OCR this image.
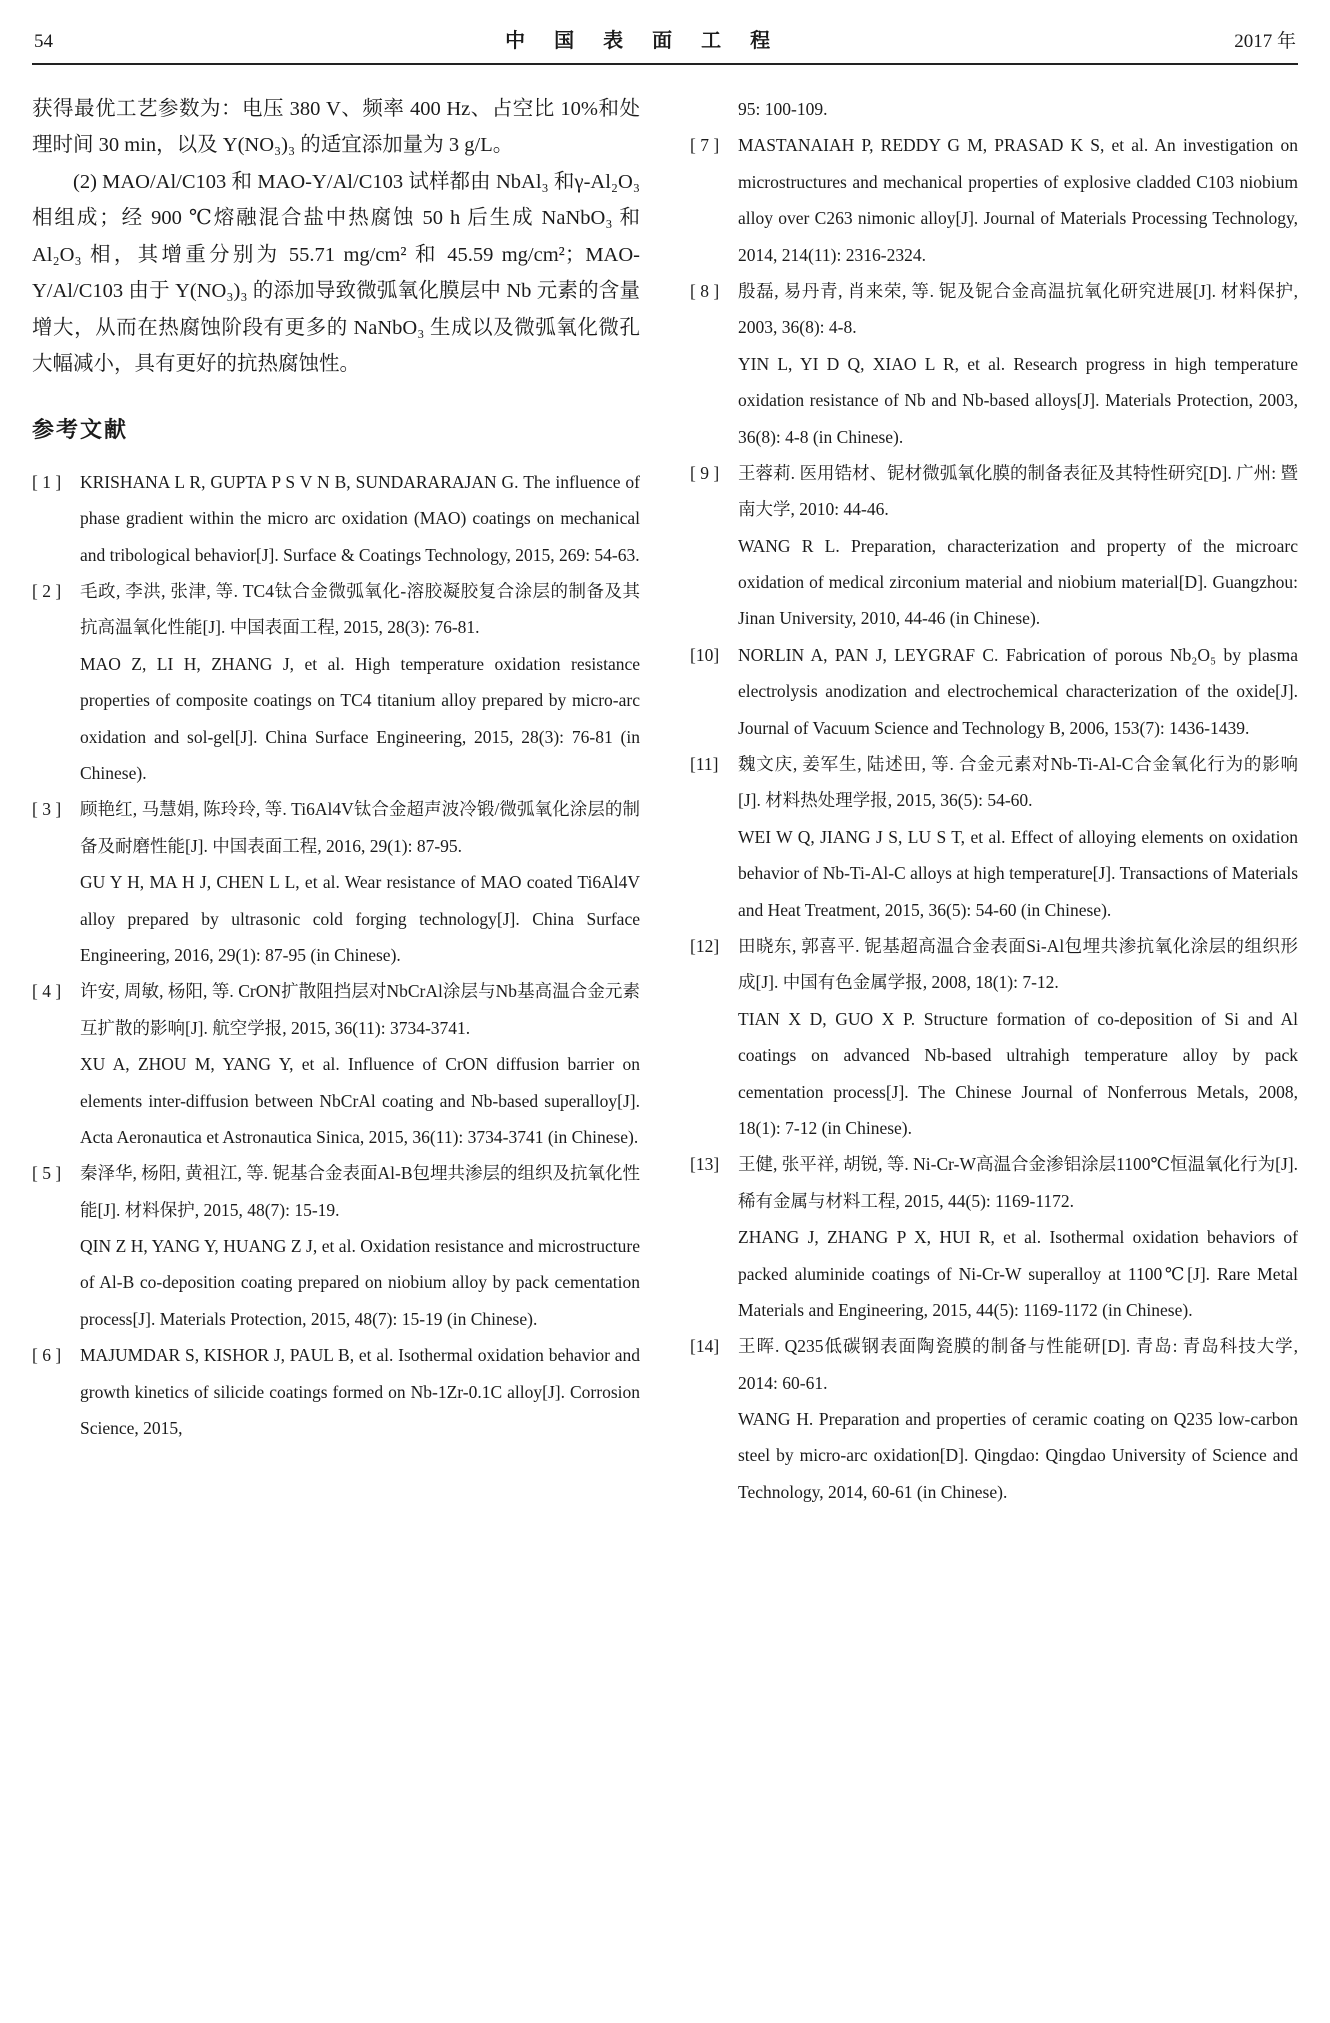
54	中 国 表 面 工 程	2017 年

获得最优工艺参数为：电压 380 V、频率 400 Hz、占空比 10%和处理时间 30 min，以及 Y(NO₃)₃ 的适宜添加量为 3 g/L。

(2) MAO/Al/C103 和 MAO-Y/Al/C103 试样都由 NbAl₃ 和γ-Al₂O₃ 相组成；经 900 ℃熔融混合盐中热腐蚀 50 h 后生成 NaNbO₃ 和 Al₂O₃ 相，其增重分别为 55.71 mg/cm² 和 45.59 mg/cm²；MAO-Y/Al/C103 由于 Y(NO₃)₃ 的添加导致微弧氧化膜层中 Nb 元素的含量增大，从而在热腐蚀阶段有更多的 NaNbO₃ 生成以及微弧氧化微孔大幅减小，具有更好的抗热腐蚀性。

参考文献
[ 1 ]	KRISHANA L R, GUPTA P S V N B, SUNDARARAJAN G. The influence of phase gradient within the micro arc oxidation (MAO) coatings on mechanical and tribological behavior[J]. Surface & Coatings Technology, 2015, 269: 54-63.
[ 2 ]	毛政, 李洪, 张津, 等. TC4钛合金微弧氧化-溶胶凝胶复合涂层的制备及其抗高温氧化性能[J]. 中国表面工程, 2015, 28(3): 76-81.
MAO Z, LI H, ZHANG J, et al. High temperature oxidation resistance properties of composite coatings on TC4 titanium alloy prepared by micro-arc oxidation and sol-gel[J]. China Surface Engineering, 2015, 28(3): 76-81 (in Chinese).
[ 3 ]	顾艳红, 马慧娟, 陈玲玲, 等. Ti6Al4V钛合金超声波冷锻/微弧氧化涂层的制备及耐磨性能[J]. 中国表面工程, 2016, 29(1): 87-95.
GU Y H, MA H J, CHEN L L, et al. Wear resistance of MAO coated Ti6Al4V alloy prepared by ultrasonic cold forging technology[J]. China Surface Engineering, 2016, 29(1): 87-95 (in Chinese).
[ 4 ]	许安, 周敏, 杨阳, 等. CrON扩散阻挡层对NbCrAl涂层与Nb基高温合金元素互扩散的影响[J]. 航空学报, 2015, 36(11): 3734-3741.
XU A, ZHOU M, YANG Y, et al. Influence of CrON diffusion barrier on elements inter-diffusion between NbCrAl coating and Nb-based superalloy[J]. Acta Aeronautica et Astronautica Sinica, 2015, 36(11): 3734-3741 (in Chinese).
[ 5 ]	秦泽华, 杨阳, 黄祖江, 等. 铌基合金表面Al-B包埋共渗层的组织及抗氧化性能[J]. 材料保护, 2015, 48(7): 15-19.
QIN Z H, YANG Y, HUANG Z J, et al. Oxidation resistance and microstructure of Al-B co-deposition coating prepared on niobium alloy by pack cementation process[J]. Materials Protection, 2015, 48(7): 15-19 (in Chinese).
[ 6 ]	MAJUMDAR S, KISHOR J, PAUL B, et al. Isothermal oxidation behavior and growth kinetics of silicide coatings formed on Nb-1Zr-0.1C alloy[J]. Corrosion Science, 2015,
95: 100-109.
[ 7 ]	MASTANAIAH P, REDDY G M, PRASAD K S, et al. An investigation on microstructures and mechanical properties of explosive cladded C103 niobium alloy over C263 nimonic alloy[J]. Journal of Materials Processing Technology, 2014, 214(11): 2316-2324.
[ 8 ]	殷磊, 易丹青, 肖来荣, 等. 铌及铌合金高温抗氧化研究进展[J]. 材料保护, 2003, 36(8): 4-8.
YIN L, YI D Q, XIAO L R, et al. Research progress in high temperature oxidation resistance of Nb and Nb-based alloys[J]. Materials Protection, 2003, 36(8): 4-8 (in Chinese).
[ 9 ]	王蓉莉. 医用锆材、铌材微弧氧化膜的制备表征及其特性研究[D]. 广州: 暨南大学, 2010: 44-46.
WANG R L. Preparation, characterization and property of the microarc oxidation of medical zirconium material and niobium material[D]. Guangzhou: Jinan University, 2010, 44-46 (in Chinese).
[10]	NORLIN A, PAN J, LEYGRAF C. Fabrication of porous Nb₂O₅ by plasma electrolysis anodization and electrochemical characterization of the oxide[J]. Journal of Vacuum Science and Technology B, 2006, 153(7): 1436-1439.
[11]	魏文庆, 姜军生, 陆述田, 等. 合金元素对Nb-Ti-Al-C合金氧化行为的影响[J]. 材料热处理学报, 2015, 36(5): 54-60.
WEI W Q, JIANG J S, LU S T, et al. Effect of alloying elements on oxidation behavior of Nb-Ti-Al-C alloys at high temperature[J]. Transactions of Materials and Heat Treatment, 2015, 36(5): 54-60 (in Chinese).
[12]	田晓东, 郭喜平. 铌基超高温合金表面Si-Al包埋共渗抗氧化涂层的组织形成[J]. 中国有色金属学报, 2008, 18(1): 7-12.
TIAN X D, GUO X P. Structure formation of co-deposition of Si and Al coatings on advanced Nb-based ultrahigh temperature alloy by pack cementation process[J]. The Chinese Journal of Nonferrous Metals, 2008, 18(1): 7-12 (in Chinese).
[13]	王健, 张平祥, 胡锐, 等. Ni-Cr-W高温合金渗铝涂层1100℃恒温氧化行为[J]. 稀有金属与材料工程, 2015, 44(5): 1169-1172.
ZHANG J, ZHANG P X, HUI R, et al. Isothermal oxidation behaviors of packed aluminide coatings of Ni-Cr-W superalloy at 1100℃[J]. Rare Metal Materials and Engineering, 2015, 44(5): 1169-1172 (in Chinese).
[14]	王晖. Q235低碳钢表面陶瓷膜的制备与性能研[D]. 青岛: 青岛科技大学, 2014: 60-61.
WANG H. Preparation and properties of ceramic coating on Q235 low-carbon steel by micro-arc oxidation[D]. Qingdao: Qingdao University of Science and Technology, 2014, 60-61 (in Chinese).
